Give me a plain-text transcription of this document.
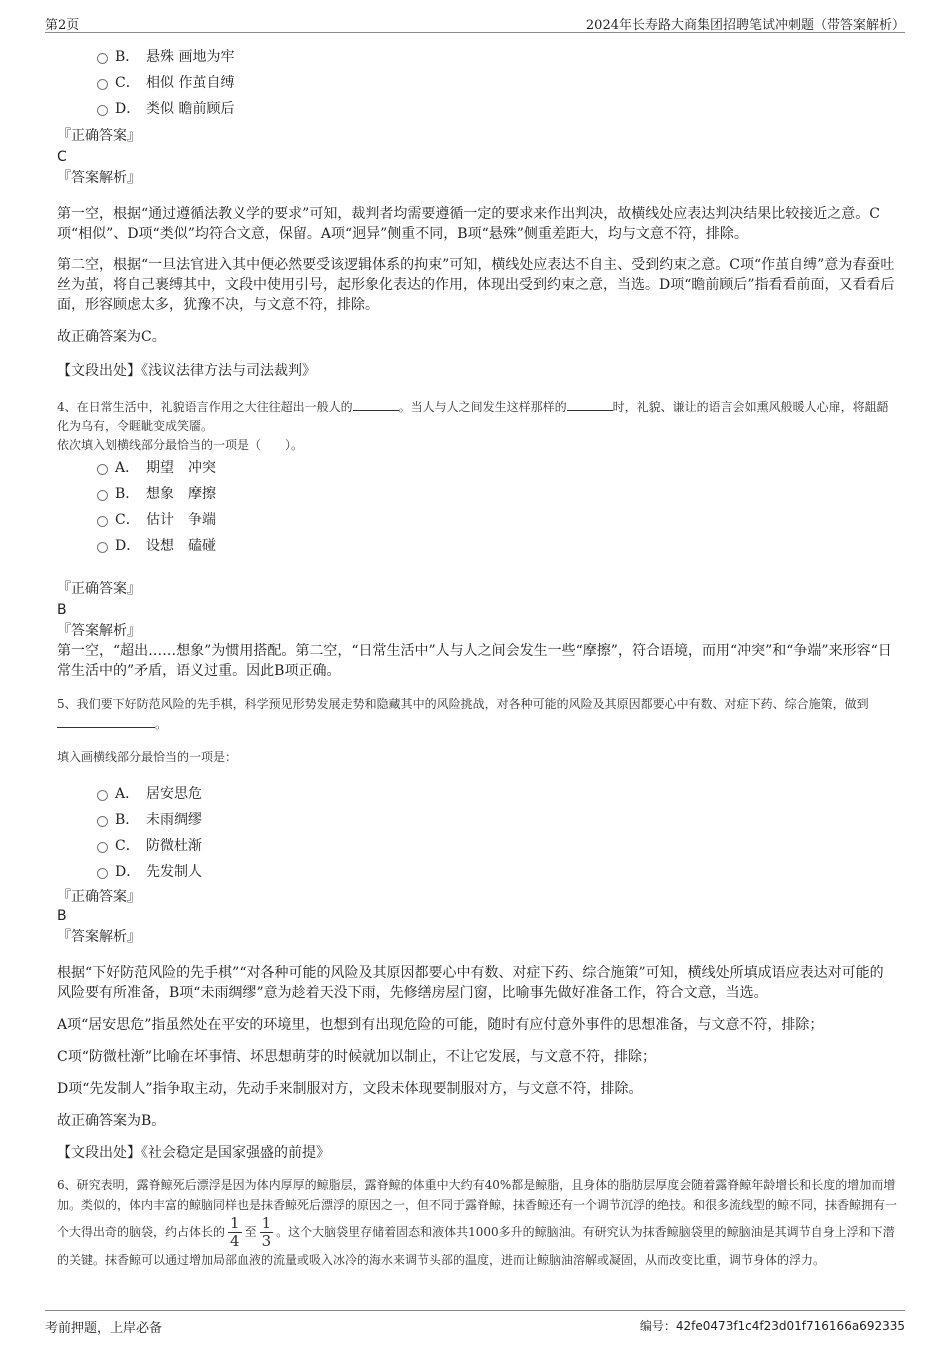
第2页	2024年长寿路大商集团招聘笔试冲刺题（带答案解析）
B． 悬殊 画地为牢
C． 相似 作茧自缚
D． 类似 瞻前顾后
『正确答案』
C
『答案解析』

第一空，根据“通过遵循法教义学的要求”可知，裁判者均需要遵循一定的要求来作出判决，故横线处应表达判决结果比较接近之意。C项“相似”、D项“类似”均符合文意，保留。A项“迥异”侧重不同，B项“悬殊”侧重差距大，均与文意不符，排除。

第二空，根据“一旦法官进入其中便必然要受该逻辑体系的拘束”可知，横线处应表达不自主、受到约束之意。C项“作茧自缚”意为春蚕吐丝为茧，将自己裹缚其中，文段中使用引号，起形象化表达的作用，体现出受到约束之意，当选。D项“瞻前顾后”指看看前面，又看看后面，形容顾虑太多，犹豫不决，与文意不符，排除。

故正确答案为C。

【文段出处】《浅议法律方法与司法裁判》

4、在日常生活中，礼貌语言作用之大往往超出一般人的	。当人与人之间发生这样那样的	时，礼貌、谦让的语言会如熏风般暖人心扉，将龃龉化为乌有，令睚眦变成笑靥。

依次填入划横线部分最恰当的一项是（　　）。

A． 期望　冲突
B． 想象　摩擦
C． 估计　争端
D． 设想　磕碰
『正确答案』
B
『答案解析』

第一空，“超出……想象”为惯用搭配。第二空，“日常生活中”人与人之间会发生一些“摩擦”，符合语境，而用“冲突”和“争端”来形容“日常生活中的”矛盾，语义过重。因此B项正确。

5、我们要下好防范风险的先手棋，科学预见形势发展走势和隐藏其中的风险挑战，对各种可能的风险及其原因都要心中有数、对症下药、综合施策，做到。

填入画横线部分最恰当的一项是：

A． 居安思危
B． 未雨绸缪
C． 防微杜渐
D． 先发制人
『正确答案』
B
『答案解析』

根据“下好防范风险的先手棋”“对各种可能的风险及其原因都要心中有数、对症下药、综合施策”可知，横线处所填成语应表达对可能的风险要有所准备，B项“未雨绸缪”意为趁着天没下雨，先修缮房屋门窗，比喻事先做好准备工作，符合文意，当选。

A项“居安思危”指虽然处在平安的环境里，也想到有出现危险的可能，随时有应付意外事件的思想准备，与文意不符，排除；

C项“防微杜渐”比喻在坏事情、坏思想萌芽的时候就加以制止，不让它发展，与文意不符，排除；

D项“先发制人”指争取主动，先动手来制服对方，文段未体现要制服对方，与文意不符，排除。

故正确答案为B。

【文段出处】《社会稳定是国家强盛的前提》

6、研究表明，露脊鲸死后漂浮是因为体内厚厚的鲸脂层，露脊鲸的体重中大约有40%都是鲸脂，且身体的脂肪层厚度会随着露脊鲸年龄增长和长度的增加而增加。类似的，体内丰富的鲸脑同样也是抹香鲸死后漂浮的原因之一，但不同于露脊鲸，抹香鲸还有一个调节沉浮的绝技。和很多流线型的鲸不同，抹香鲸拥有一个大得出奇的脑袋，约占体长的 $\frac{1}{4}$ 至 $\frac{1}{3}$ 。这个大脑袋里存储着固态和液体共1000多升的鲸脑油。有研究认为抹香鲸脑袋里的鲸脑油是其调节自身上浮和下潜的关键。抹香鲸可以通过增加局部血液的流量或吸入冰冷的海水来调节头部的温度，进而让鲸脑油溶解或凝固，从而改变比重，调节身体的浮力。

考前押题，上岸必备	编号：42fe0473f1c4f23d01f716166a692335
